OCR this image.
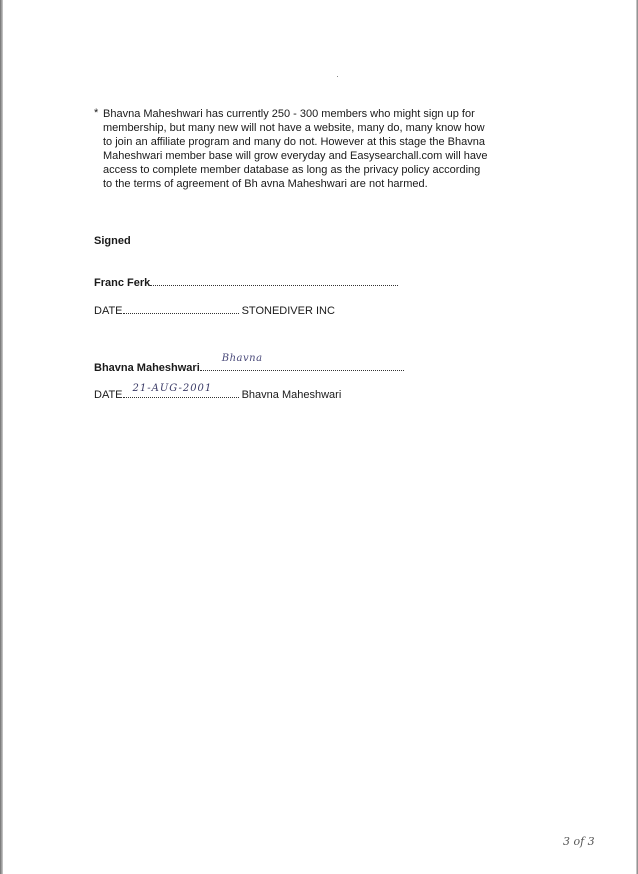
* Bhavna Maheshwari has currently 250 - 300 members who might sign up for
membership, but many new will not have a website, many do, many know how
to join an affiliate program and many do not. However at this stage the Bhavna
Maheshwari member base will grow everyday and Easysearchall.com will have
access to complete member database as long as the privacy policy according
to the terms of agreement of Bh avna Maheshwari are not harmed.
Signed
Franc Ferk
DATE	STONEDIVER INC
Bhavna Maheshwari
Bhavna
DATE
21-AUG-2001
Bhavna Maheshwari
3 of 3
